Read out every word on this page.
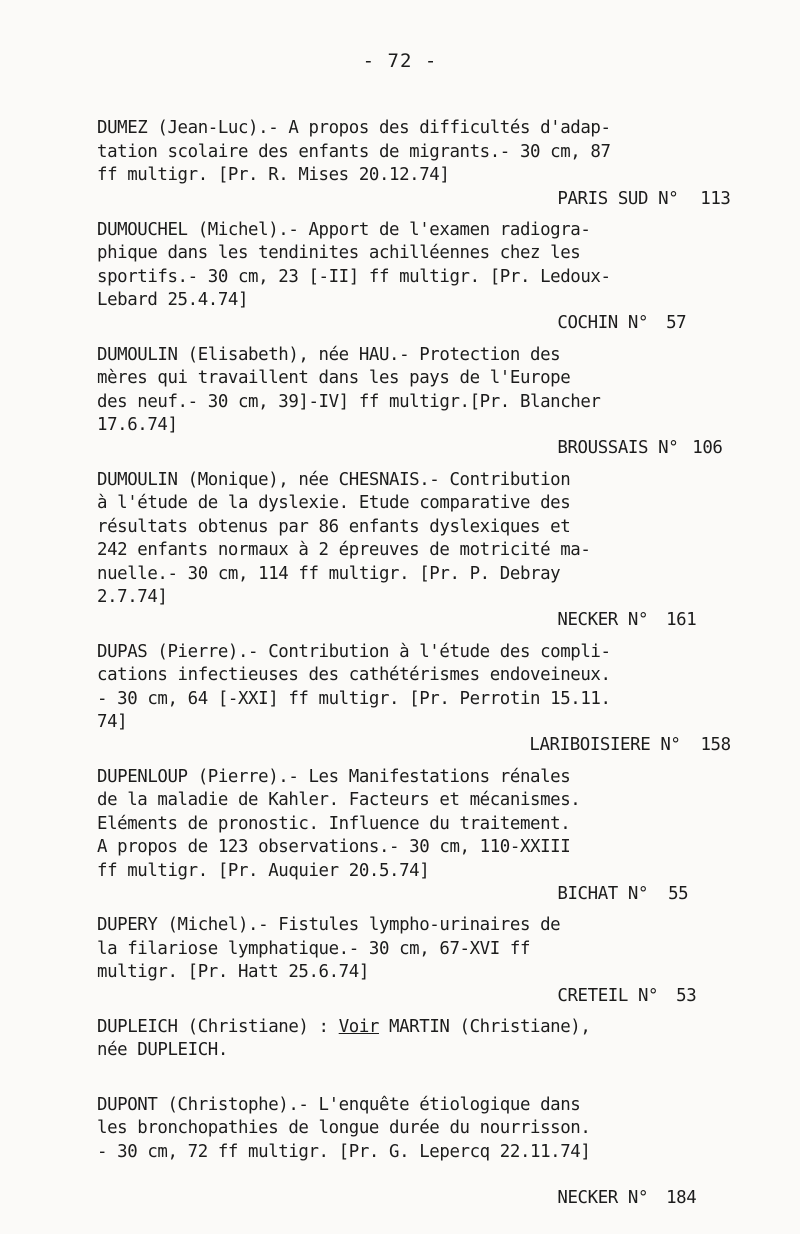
- 72 -
DUMEZ (Jean-Luc).- A propos des difficultés d'adap-
tation scolaire des enfants de migrants.- 30 cm, 87
ff multigr. [Pr. R. Mises 20.12.74]

PARIS SUD N° 113

DUMOUCHEL (Michel).- Apport de l'examen radiogra-
phique dans les tendinites achilléennes chez les
sportifs.- 30 cm, 23 [-II] ff multigr. [Pr. Ledoux-
Lebard 25.4.74]

COCHIN N° 57

DUMOULIN (Elisabeth), née HAU.- Protection des
mères qui travaillent dans les pays de l'Europe
des neuf.- 30 cm, 39]-IV] ff multigr.[Pr. Blancher
17.6.74]

BROUSSAIS N° 106

DUMOULIN (Monique), née CHESNAIS.- Contribution
à l'étude de la dyslexie. Etude comparative des
résultats obtenus par 86 enfants dyslexiques et
242 enfants normaux à 2 épreuves de motricité ma-
nuelle.- 30 cm, 114 ff multigr. [Pr. P. Debray
2.7.74]

NECKER N° 161

DUPAS (Pierre).- Contribution à l'étude des compli-
cations infectieuses des cathétérismes endoveineux.
- 30 cm, 64 [-XXI] ff multigr. [Pr. Perrotin 15.11.
74]

LARIBOISIERE N° 158

DUPENLOUP (Pierre).- Les Manifestations rénales
de la maladie de Kahler. Facteurs et mécanismes.
Eléments de pronostic. Influence du traitement.
A propos de 123 observations.- 30 cm, 110-XXIII
ff multigr. [Pr. Auquier 20.5.74]

BICHAT N° 55

DUPERY (Michel).- Fistules lympho-urinaires de
la filariose lymphatique.- 30 cm, 67-XVI ff
multigr. [Pr. Hatt 25.6.74]

CRETEIL N° 53

DUPLEICH (Christiane) : Voir MARTIN (Christiane),
née DUPLEICH.
DUPONT (Christophe).- L'enquête étiologique dans
les bronchopathies de longue durée du nourrisson.
- 30 cm, 72 ff multigr. [Pr. G. Lepercq 22.11.74]

NECKER N° 184
